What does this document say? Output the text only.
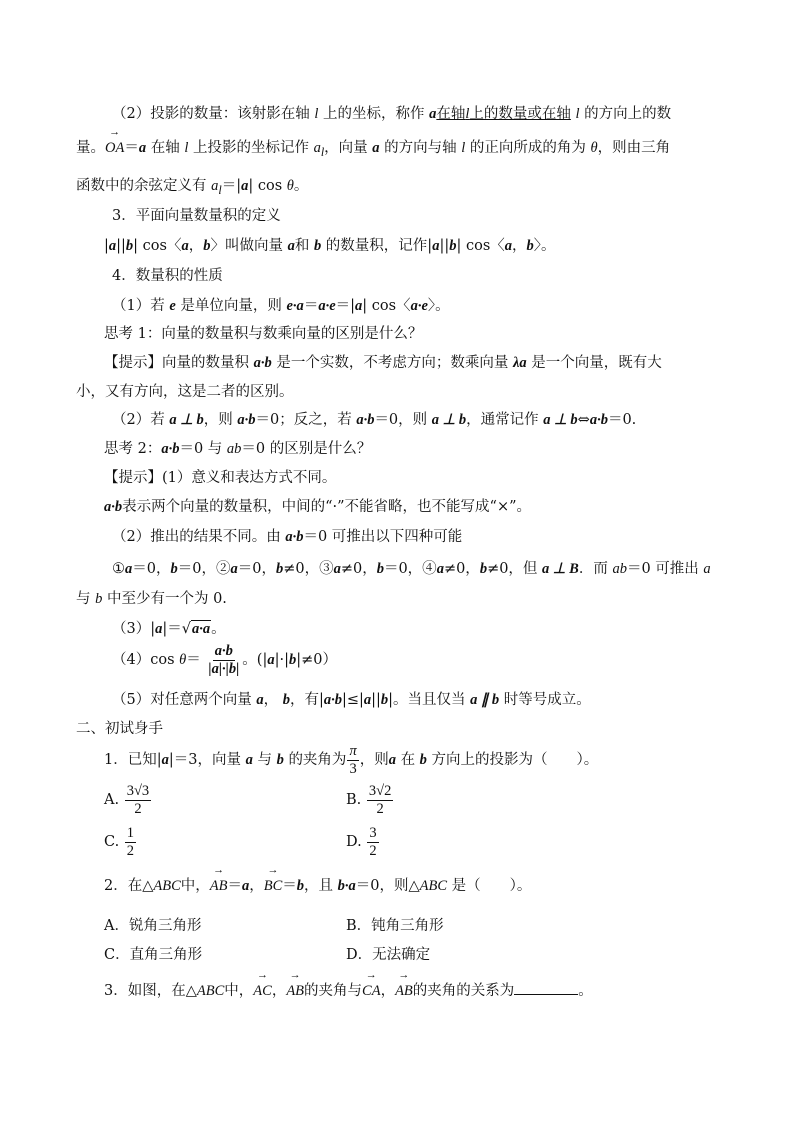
（2）投影的数量：该射影在轴 l 上的坐标，称作 a在轴l上的数量或在轴 l 的方向上的数
量。→ OA＝a 在轴 l 上投影的坐标记作 $a_l$，向量 a 的方向与轴 l 的正向所成的角为 θ，则由三角
函数中的余弦定义有 $a_l=|a|$ cos θ。
3．平面向量数量积的定义
|a||b| cos〈a，b〉叫做向量 a和 b 的数量积，记作|a||b| cos〈a，b〉。
4．数量积的性质
（1）若 e 是单位向量，则 e·a＝a·e＝|a| cos〈a·e〉。
思考 1：向量的数量积与数乘向量的区别是什么？
【提示】向量的数量积 a·b 是一个实数，不考虑方向；数乘向量 λa 是一个向量，既有大
小，又有方向，这是二者的区别。
（2）若 a ⊥ b，则 a·b＝0；反之，若 a·b＝0，则 a ⊥ b，通常记作 a ⊥ b⇔a·b＝0.
思考 2：a·b＝0 与 ab＝0 的区别是什么？
【提示】(1）意义和表达方式不同。
a·b表示两个向量的数量积，中间的“·”不能省略，也不能写成“×”。
（2）推出的结果不同。由 a·b＝0 可推出以下四种可能
①a＝0，b＝0，②a＝0，b≠0，③a≠0，b＝0，④a≠0，b≠0，但 a ⊥ B．而 ab＝0 可推出 a
与 b 中至少有一个为 0.
（3）|a|＝√a·a。
（4）cos $\theta= \frac{a\cdot b}{|a|\cdot|b|}$ 。(|a|·|b|≠0）
（5）对任意两个向量 a， b，有|a·b|≤|a||b|。当且仅当 a ∥ b 时等号成立。
二、初试身手
1．已知|a|＝3，向量 a 与 b 的夹角为 $\frac{\pi}{3}$ ，则a 在 b 方向上的投影为（　　）。
A. $\frac{3√3}{2}$	B. $\frac{3√2}{2}$
C. $\frac{1}{2}$	D. $\frac{3}{2}$
2．在△ABC中，→ AB＝a，→ BC＝b，且 b·a＝0，则△ABC 是（　　）。
A．锐角三角形	B．钝角三角形
C．直角三角形	D．无法确定
3．如图，在△ABC中，→ AC，→ AB的夹角与→ CA，→ AB的夹角的关系为	。
